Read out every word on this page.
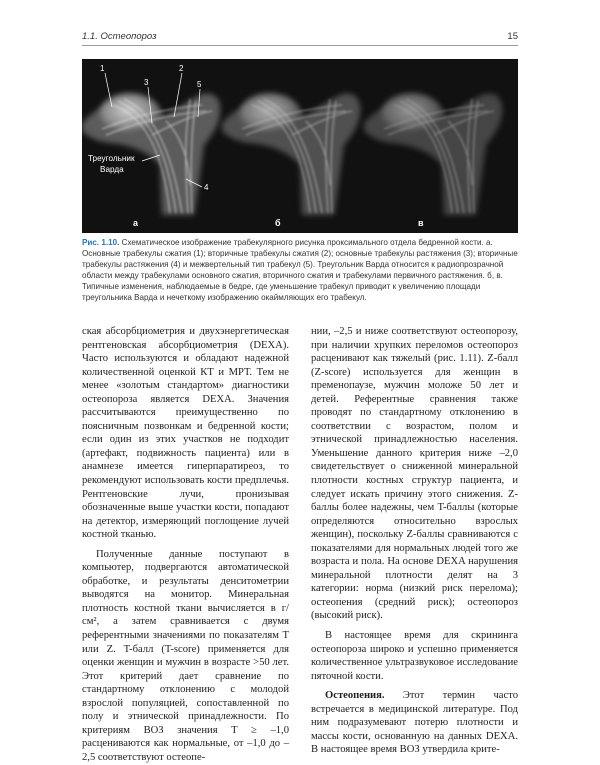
1.1. Остеопороз	15
1	2
3
4
5
Треугольник
Варда
а	б	в
Рис. 1.10. Схематическое изображение трабекулярного рисунка проксимального отдела бедренной кости. а. Основные трабекулы сжатия (1); вторичные трабекулы сжатия (2); основные трабекулы растяжения (3); вторичные трабекулы растяжения (4) и межвертельный тип трабекул (5). Треугольник Варда относится к радиопрозрачной области между трабекулами основного сжатия, вторичного сжатия и трабекулами первичного растяжения. б, в. Типичные изменения, наблюдаемые в бедре, где уменьшение трабекул приводит к увеличению площади треугольника Варда и нечеткому изображению окаймляющих его трабекул.

ская абсорбциометрия и двухэнергетическая рентгеновская абсорбциометрия (DEXA). Часто используются и обладают надежной количественной оценкой КТ и МРТ. Тем не менее «золотым стандартом» диагностики остеопороза является DEXA. Значения рассчитываются преимущественно по поясничным позвонкам и бедренной кости; если один из этих участков не подходит (артефакт, подвижность пациента) или в анамнезе имеется гиперпаратиреоз, то рекомендуют использовать кости предплечья. Рентгеновские лучи, пронизывая обозначенные выше участки кости, попадают на детектор, измеряющий поглощение лучей костной тканью.

Полученные данные поступают в компьютер, подвергаются автоматической обработке, и результаты денситометрии выводятся на монитор. Минеральная плотность костной ткани вычисляется в г/см², а затем сравнивается с двумя референтными значениями по показателям T или Z. T-балл (T-score) применяется для оценки женщин и мужчин в возрасте >50 лет. Этот критерий дает сравнение по стандартному отклонению с молодой взрослой популяцией, сопоставленной по полу и этнической принадлежности. По критериям ВОЗ значения T ≥ –1,0 расцениваются как нормальные, от –1,0 до –2,5 соответствуют остеопе-

нии, –2,5 и ниже соответствуют остеопорозу, при наличии хрупких переломов остеопороз расценивают как тяжелый (рис. 1.11). Z-балл (Z-score) используется для женщин в пременопаузе, мужчин моложе 50 лет и детей. Референтные сравнения также проводят по стандартному отклонению в соответствии с возрастом, полом и этнической принадлежностью населения. Уменьшение данного критерия ниже –2,0 свидетельствует о сниженной минеральной плотности костных структур пациента, и следует искать причину этого снижения. Z-баллы более надежны, чем T-баллы (которые определяются относительно взрослых женщин), поскольку Z-баллы сравниваются с показателями для нормальных людей того же возраста и пола. На основе DEXA нарушения минеральной плотности делят на 3 категории: норма (низкий риск перелома); остеопения (средний риск); остеопороз (высокий риск).

В настоящее время для скрининга остеопороза широко и успешно применяется количественное ультразвуковое исследование пяточной кости.

Остеопения. Этот термин часто встречается в медицинской литературе. Под ним подразумевают потерю плотности и массы кости, основанную на данных DEXA. В настоящее время ВОЗ утвердила крите-
